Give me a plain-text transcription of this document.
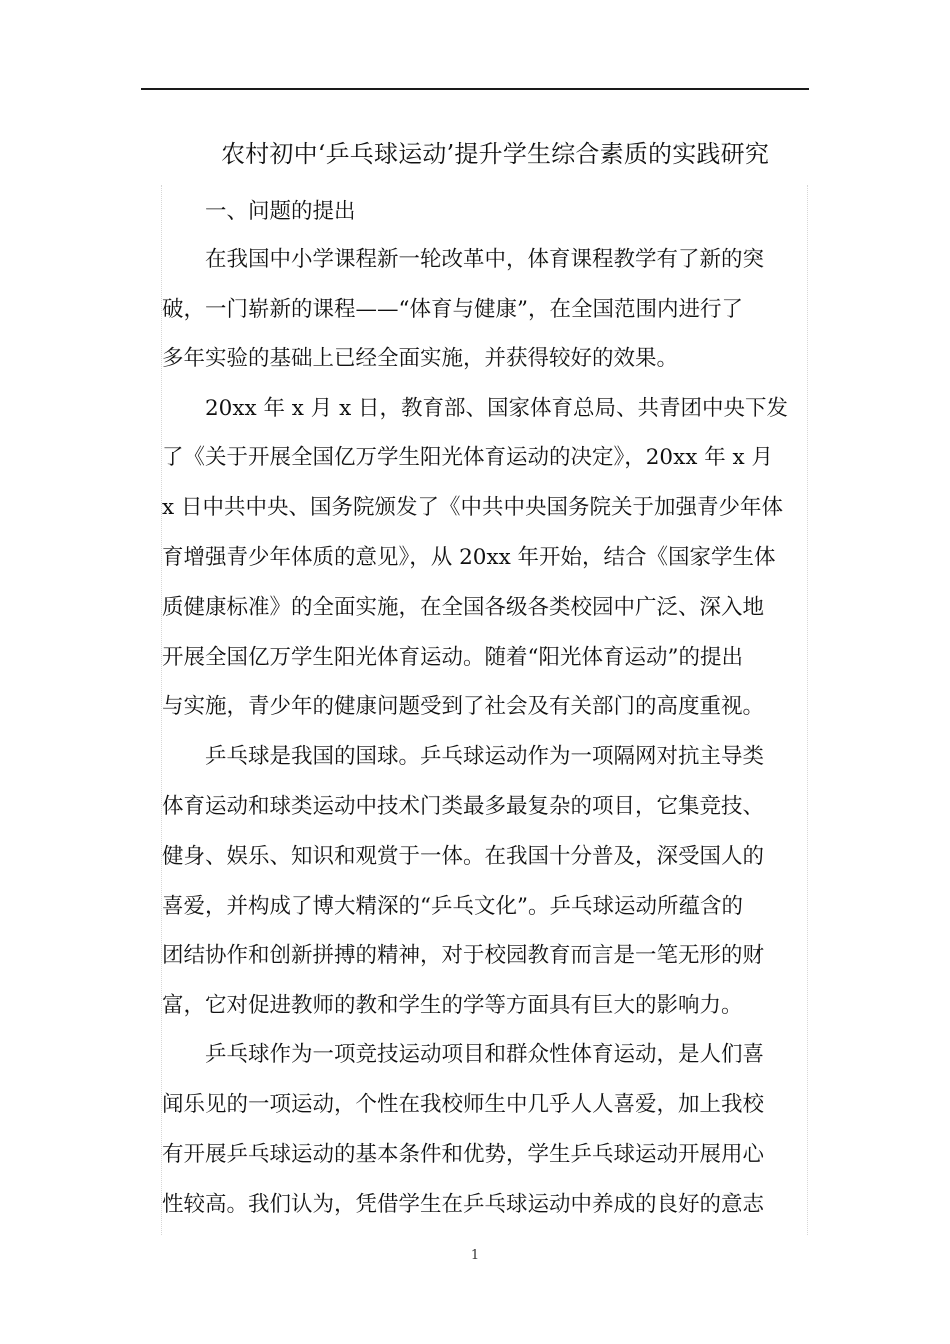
农村初中‘乒乓球运动’提升学生综合素质的实践研究
一、问题的提出
在我国中小学课程新一轮改革中，体育课程教学有了新的突
破，一门崭新的课程——“体育与健康”，在全国范围内进行了
多年实验的基础上已经全面实施，并获得较好的效果。
20xx 年 x 月 x 日，教育部、国家体育总局、共青团中央下发
了《关于开展全国亿万学生阳光体育运动的决定》，20xx 年 x 月
x 日中共中央、国务院颁发了《中共中央国务院关于加强青少年体
育增强青少年体质的意见》，从 20xx 年开始，结合《国家学生体
质健康标准》的全面实施，在全国各级各类校园中广泛、深入地
开展全国亿万学生阳光体育运动。随着“阳光体育运动”的提出
与实施，青少年的健康问题受到了社会及有关部门的高度重视。
乒乓球是我国的国球。乒乓球运动作为一项隔网对抗主导类
体育运动和球类运动中技术门类最多最复杂的项目，它集竞技、
健身、娱乐、知识和观赏于一体。在我国十分普及，深受国人的
喜爱，并构成了博大精深的“乒乓文化”。乒乓球运动所蕴含的
团结协作和创新拼搏的精神，对于校园教育而言是一笔无形的财
富，它对促进教师的教和学生的学等方面具有巨大的影响力。
乒乓球作为一项竞技运动项目和群众性体育运动，是人们喜
闻乐见的一项运动，个性在我校师生中几乎人人喜爱，加上我校
有开展乒乓球运动的基本条件和优势，学生乒乓球运动开展用心
性较高。我们认为，凭借学生在乒乓球运动中养成的良好的意志
1
